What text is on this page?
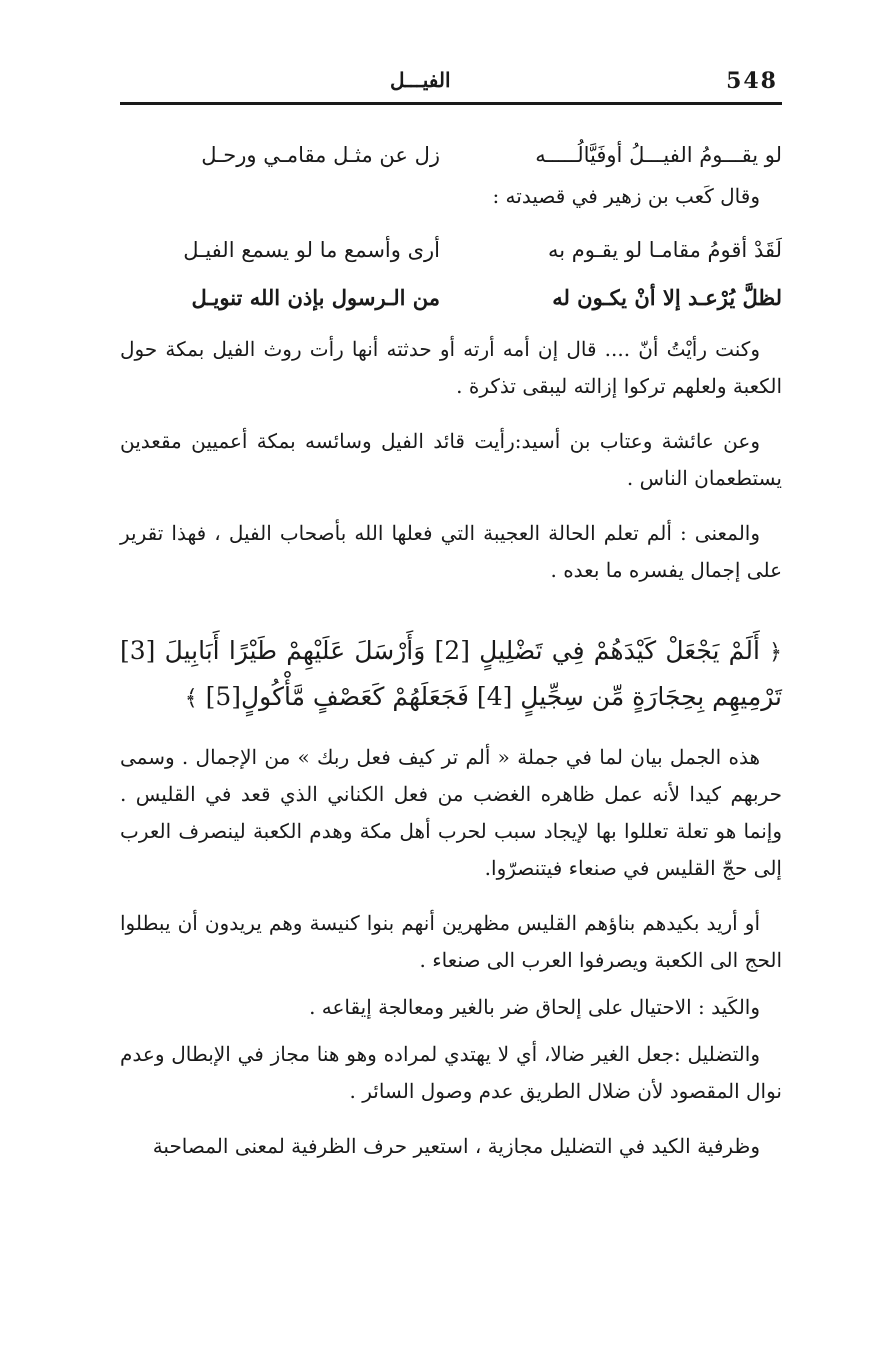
548
الفيـــل
لو يقـــومُ الفيـــلُ أوفَيَّالُـــــه
زل عن مثـل مقامـي ورحـل

وقال كَعب بن زهير في قصيدته :

لَقَدْ أقومُ مقامـا لو يقـوم به
أرى وأسمع ما لو يسمع الفيـل
لظلَّ يُرْعـد إلا أنْ يكـون له
من الـرسول بإذن الله تنويـل

وكنت رأيْتُ أنّ .... قال إن أمه أرته أو حدثته أنها رأت روث الفيل بمكة حول الكعبة ولعلهم تركوا إزالته ليبقى تذكرة .

وعن عائشة وعتاب بن أسيد:رأيت قائد الفيل وسائسه بمكة أعميين مقعدين يستطعمان الناس .

والمعنى : ألم تعلم الحالة العجيبة التي فعلها الله بأصحاب الفيل ، فهذا تقرير على إجمال يفسره ما بعده .

﴿ أَلَمْ يَجْعَلْ كَيْدَهُمْ فِي تَضْلِيلٍ [2] وَأَرْسَلَ عَلَيْهِمْ طَيْرًا أَبَابِيلَ [3] تَرْمِيهِم بِحِجَارَةٍ مِّن سِجِّيلٍ [4] فَجَعَلَهُمْ كَعَصْفٍ مَّأْكُولٍ[5] ﴾

هذه الجمل بيان لما في جملة « ألم تر كيف فعل ربك » من الإجمال . وسمى حربهم كيدا لأنه عمل ظاهره الغضب من فعل الكناني الذي قعد في القليس . وإنما هو تعلة تعللوا بها لإيجاد سبب لحرب أهل مكة وهدم الكعبة لينصرف العرب إلى حجّ القليس في صنعاء فيتنصرّوا.

أو أريد بكيدهم بناؤهم القليس مظهرين أنهم بنوا كنيسة وهم يريدون أن يبطلوا الحج الى الكعبة ويصرفوا العرب الى صنعاء .

والكَيد : الاحتيال على إلحاق ضر بالغير ومعالجة إيقاعه .

والتضليل :جعل الغير ضالا، أي لا يهتدي لمراده وهو هنا مجاز في الإبطال وعدم نوال المقصود لأن ضلال الطريق عدم وصول السائر .

وظرفية الكيد في التضليل مجازية ، استعير حرف الظرفية لمعنى المصاحبة
